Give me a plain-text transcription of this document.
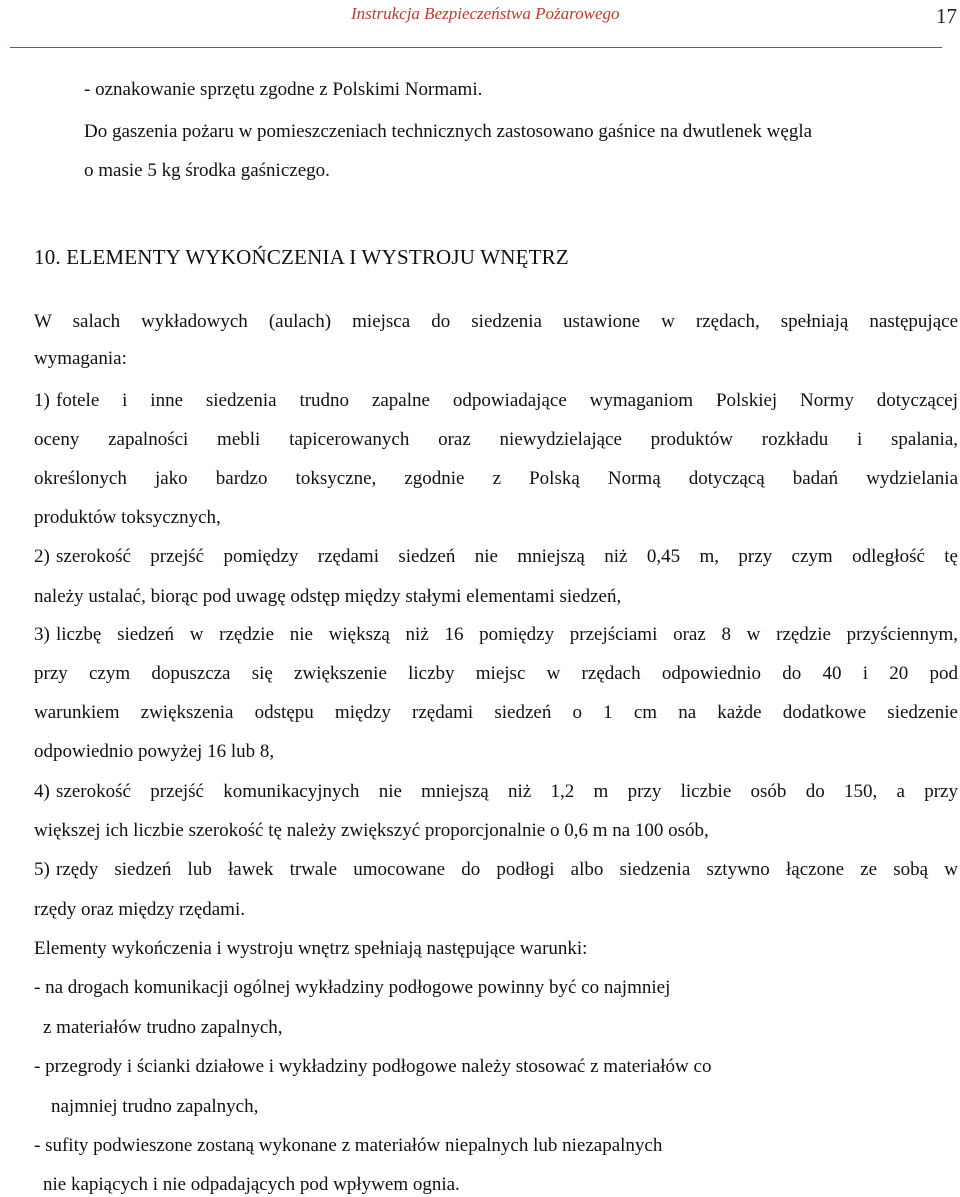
Instrukcja Bezpieczeństwa Pożarowego	17
- oznakowanie sprzętu zgodne z Polskimi Normami.
Do gaszenia pożaru w pomieszczeniach technicznych zastosowano gaśnice na dwutlenek węgla
o masie 5 kg środka gaśniczego.
10. ELEMENTY WYKOŃCZENIA I WYSTROJU WNĘTRZ
W salach wykładowych (aulach) miejsca do siedzenia ustawione w rzędach, spełniają następujące
wymagania:
1) fotele i inne siedzenia trudno zapalne odpowiadające wymaganiom Polskiej Normy dotyczącej
oceny zapalności mebli tapicerowanych oraz niewydzielające produktów rozkładu i spalania,
określonych jako bardzo toksyczne, zgodnie z Polską Normą dotyczącą badań wydzielania
produktów toksycznych,
2) szerokość przejść pomiędzy rzędami siedzeń nie mniejszą niż 0,45 m, przy czym odległość tę
należy ustalać, biorąc pod uwagę odstęp między stałymi elementami siedzeń,
3) liczbę siedzeń w rzędzie nie większą niż 16 pomiędzy przejściami oraz 8 w rzędzie przyściennym,
przy czym dopuszcza się zwiększenie liczby miejsc w rzędach odpowiednio do 40 i 20 pod
warunkiem zwiększenia odstępu między rzędami siedzeń o 1 cm na każde dodatkowe siedzenie
odpowiednio powyżej 16 lub 8,
4) szerokość przejść komunikacyjnych nie mniejszą niż 1,2 m przy liczbie osób do 150, a przy
większej ich liczbie szerokość tę należy zwiększyć proporcjonalnie o 0,6 m na 100 osób,
5) rzędy siedzeń lub ławek trwale umocowane do podłogi albo siedzenia sztywno łączone ze sobą w
rzędy oraz między rzędami.
Elementy wykończenia i wystroju wnętrz spełniają następujące warunki:
- na drogach komunikacji ogólnej wykładziny podłogowe powinny być co najmniej
z materiałów trudno zapalnych,
- przegrody i ścianki działowe i wykładziny podłogowe należy stosować z materiałów co
najmniej trudno zapalnych,
- sufity podwieszone zostaną wykonane z materiałów niepalnych lub niezapalnych
nie kapiących i nie odpadających pod wpływem ognia.
